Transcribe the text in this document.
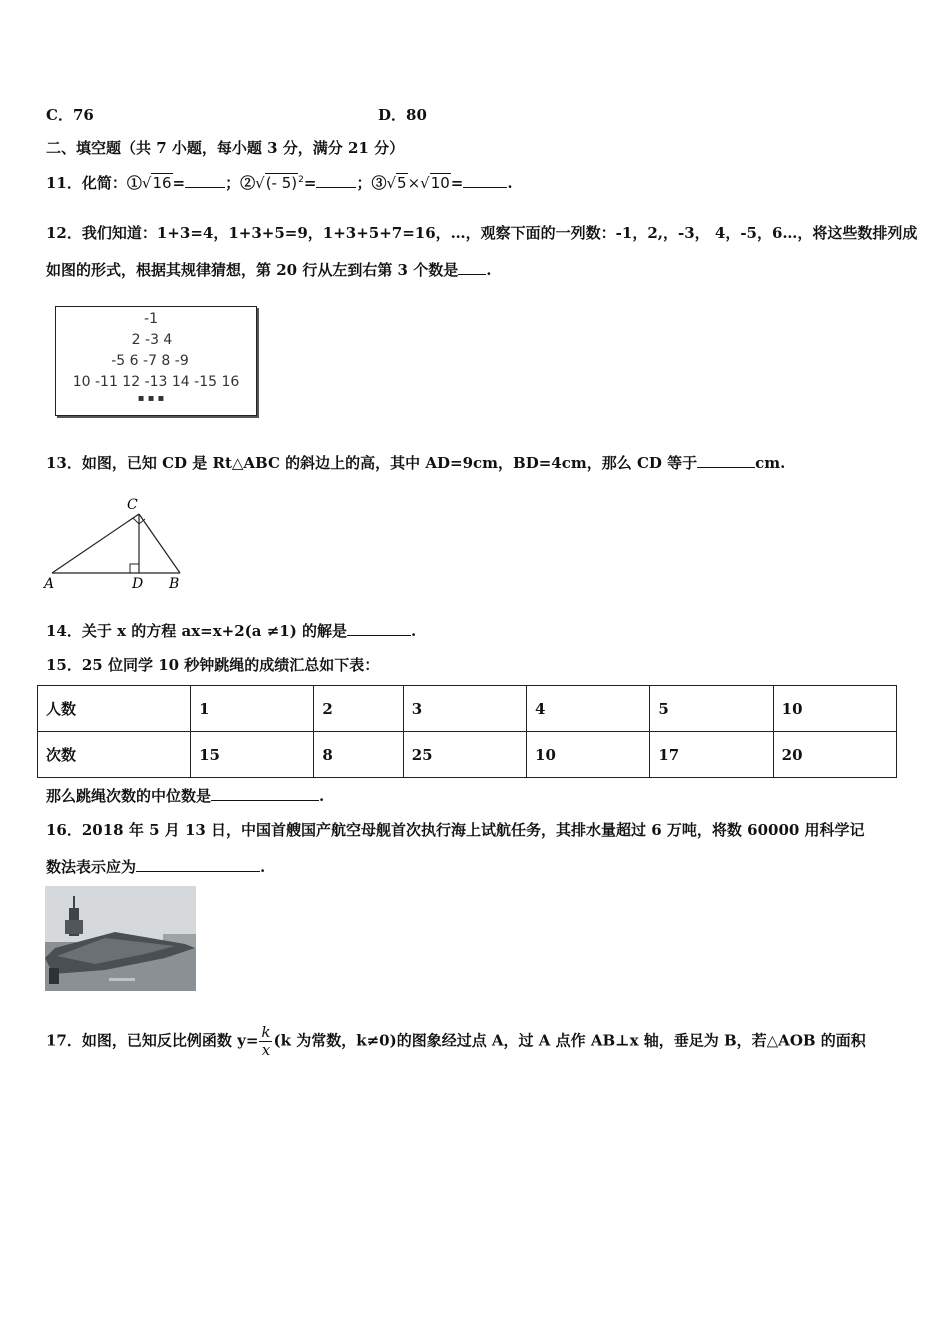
C．76	D．80
二、填空题（共 7 小题，每小题 3 分，满分 21 分）
11．化简：①√16=	；②√(- 5)$^2$=	；③√5×√10=	.
12．我们知道：1+3=4，1+3+5=9，1+3+5+7=16，…，观察下面的一列数：-1，2,，-3， 4，-5，6…，将这些数排列成
如图的形式，根据其规律猜想，第 20 行从左到右第 3 个数是 .
-1
2 -3 4
-5 6 -7 8 -9
10 -11 12 -13 14 -15 16
▪ ▪ ▪
13．如图，已知 CD 是 Rt△ABC 的斜边上的高，其中 AD=9cm，BD=4cm，那么 CD 等于	cm.
A	D B
C
14．关于 x 的方程 ax=x+2(a ≠1) 的解是	.
15．25 位同学 10 秒钟跳绳的成绩汇总如下表：
人数	1	2	3	4	5	10
次数	15	8	25	10	17	20
那么跳绳次数的中位数是	.
16．2018 年 5 月 13 日，中国首艘国产航空母舰首次执行海上试航任务，其排水量超过 6 万吨，将数 60000 用科学记
数法表示应为	.
17．如图，已知反比例函数 $y= \frac{k}{x} (k$ 为常数，k≠0)的图象经过点 A，过 A 点作 AB⊥x 轴，垂足为 B，若△AOB 的面积
